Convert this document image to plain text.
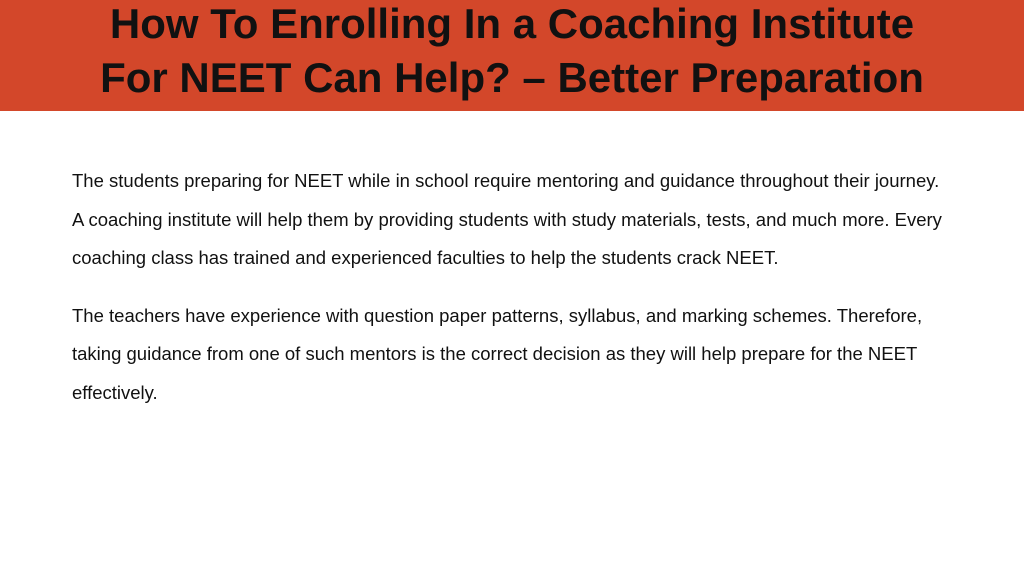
How To Enrolling In a Coaching Institute
For NEET Can Help? – Better Preparation

The students preparing for NEET while in school require mentoring and guidance throughout their journey. A coaching institute will help them by providing students with study materials, tests, and much more. Every coaching class has trained and experienced faculties to help the students crack NEET.

The teachers have experience with question paper patterns, syllabus, and marking schemes. Therefore, taking guidance from one of such mentors is the correct decision as they will help prepare for the NEET effectively.
